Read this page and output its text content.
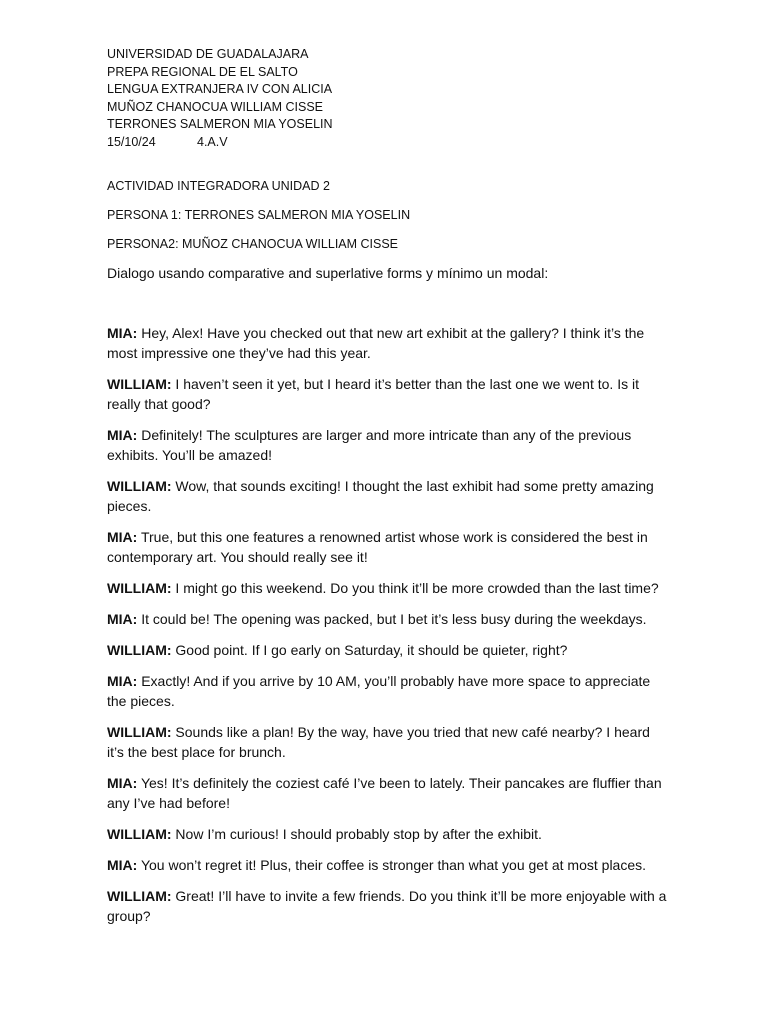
UNIVERSIDAD DE GUADALAJARA
PREPA REGIONAL DE EL SALTO
LENGUA EXTRANJERA IV CON ALICIA
MUÑOZ CHANOCUA WILLIAM CISSE
TERRONES SALMERON MIA YOSELIN
15/10/24	4.A.V
ACTIVIDAD INTEGRADORA UNIDAD 2
PERSONA 1: TERRONES SALMERON MIA YOSELIN
PERSONA2: MUÑOZ CHANOCUA WILLIAM CISSE
Dialogo usando comparative and superlative forms y mínimo un modal:

MIA: Hey, Alex! Have you checked out that new art exhibit at the gallery? I think it’s the most impressive one they’ve had this year.

WILLIAM: I haven’t seen it yet, but I heard it’s better than the last one we went to. Is it really that good?

MIA: Definitely! The sculptures are larger and more intricate than any of the previous exhibits. You’ll be amazed!

WILLIAM: Wow, that sounds exciting! I thought the last exhibit had some pretty amazing pieces.

MIA: True, but this one features a renowned artist whose work is considered the best in contemporary art. You should really see it!

WILLIAM: I might go this weekend. Do you think it’ll be more crowded than the last time?

MIA: It could be! The opening was packed, but I bet it’s less busy during the weekdays.

WILLIAM: Good point. If I go early on Saturday, it should be quieter, right?

MIA: Exactly! And if you arrive by 10 AM, you’ll probably have more space to appreciate the pieces.

WILLIAM: Sounds like a plan! By the way, have you tried that new café nearby? I heard it’s the best place for brunch.

MIA: Yes! It’s definitely the coziest café I’ve been to lately. Their pancakes are fluffier than any I’ve had before!

WILLIAM: Now I’m curious! I should probably stop by after the exhibit.

MIA: You won’t regret it! Plus, their coffee is stronger than what you get at most places.

WILLIAM: Great! I’ll have to invite a few friends. Do you think it’ll be more enjoyable with a group?
